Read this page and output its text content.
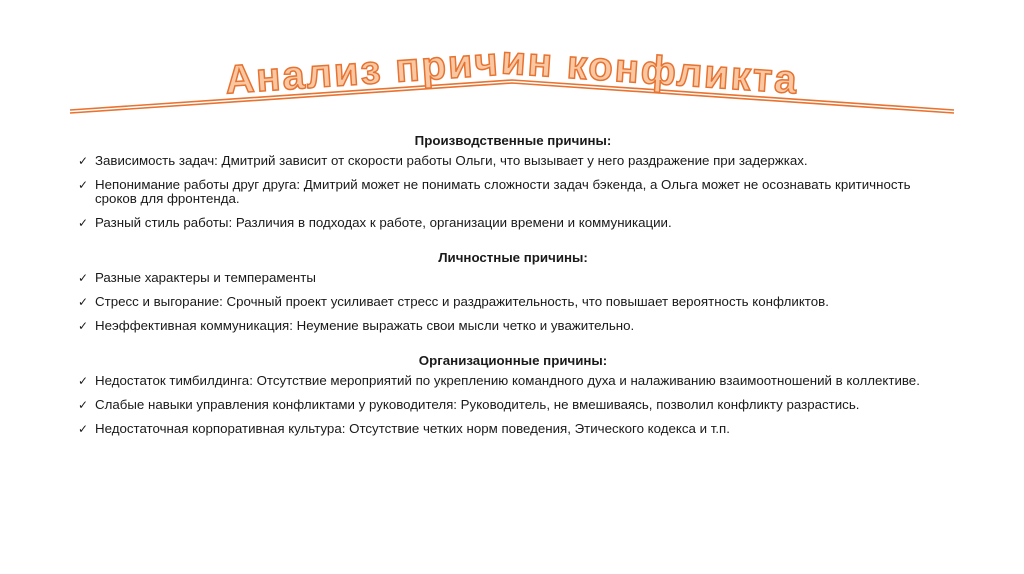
Анализ причин конфликта
Производственные причины:
✓ Зависимость задач: Дмитрий зависит от скорости работы Ольги, что вызывает у него раздражение при задержках.
✓ Непонимание работы друг друга: Дмитрий может не понимать сложности задач бэкенда, а Ольга может не осознавать критичность сроков для фронтенда.
✓ Разный стиль работы: Различия в подходах к работе, организации времени и коммуникации.
Личностные причины:
✓ Разные характеры и темпераменты
✓ Стресс и выгорание: Срочный проект усиливает стресс и раздражительность, что повышает вероятность конфликтов.
✓ Неэффективная коммуникация: Неумение выражать свои мысли четко и уважительно.
Организационные причины:
✓ Недостаток тимбилдинга: Отсутствие мероприятий по укреплению командного духа и налаживанию взаимоотношений в коллективе.
✓ Слабые навыки управления конфликтами у руководителя: Руководитель, не вмешиваясь, позволил конфликту разрастись.
✓ Недостаточная корпоративная культура: Отсутствие четких норм поведения, Этического кодекса и т.п.
